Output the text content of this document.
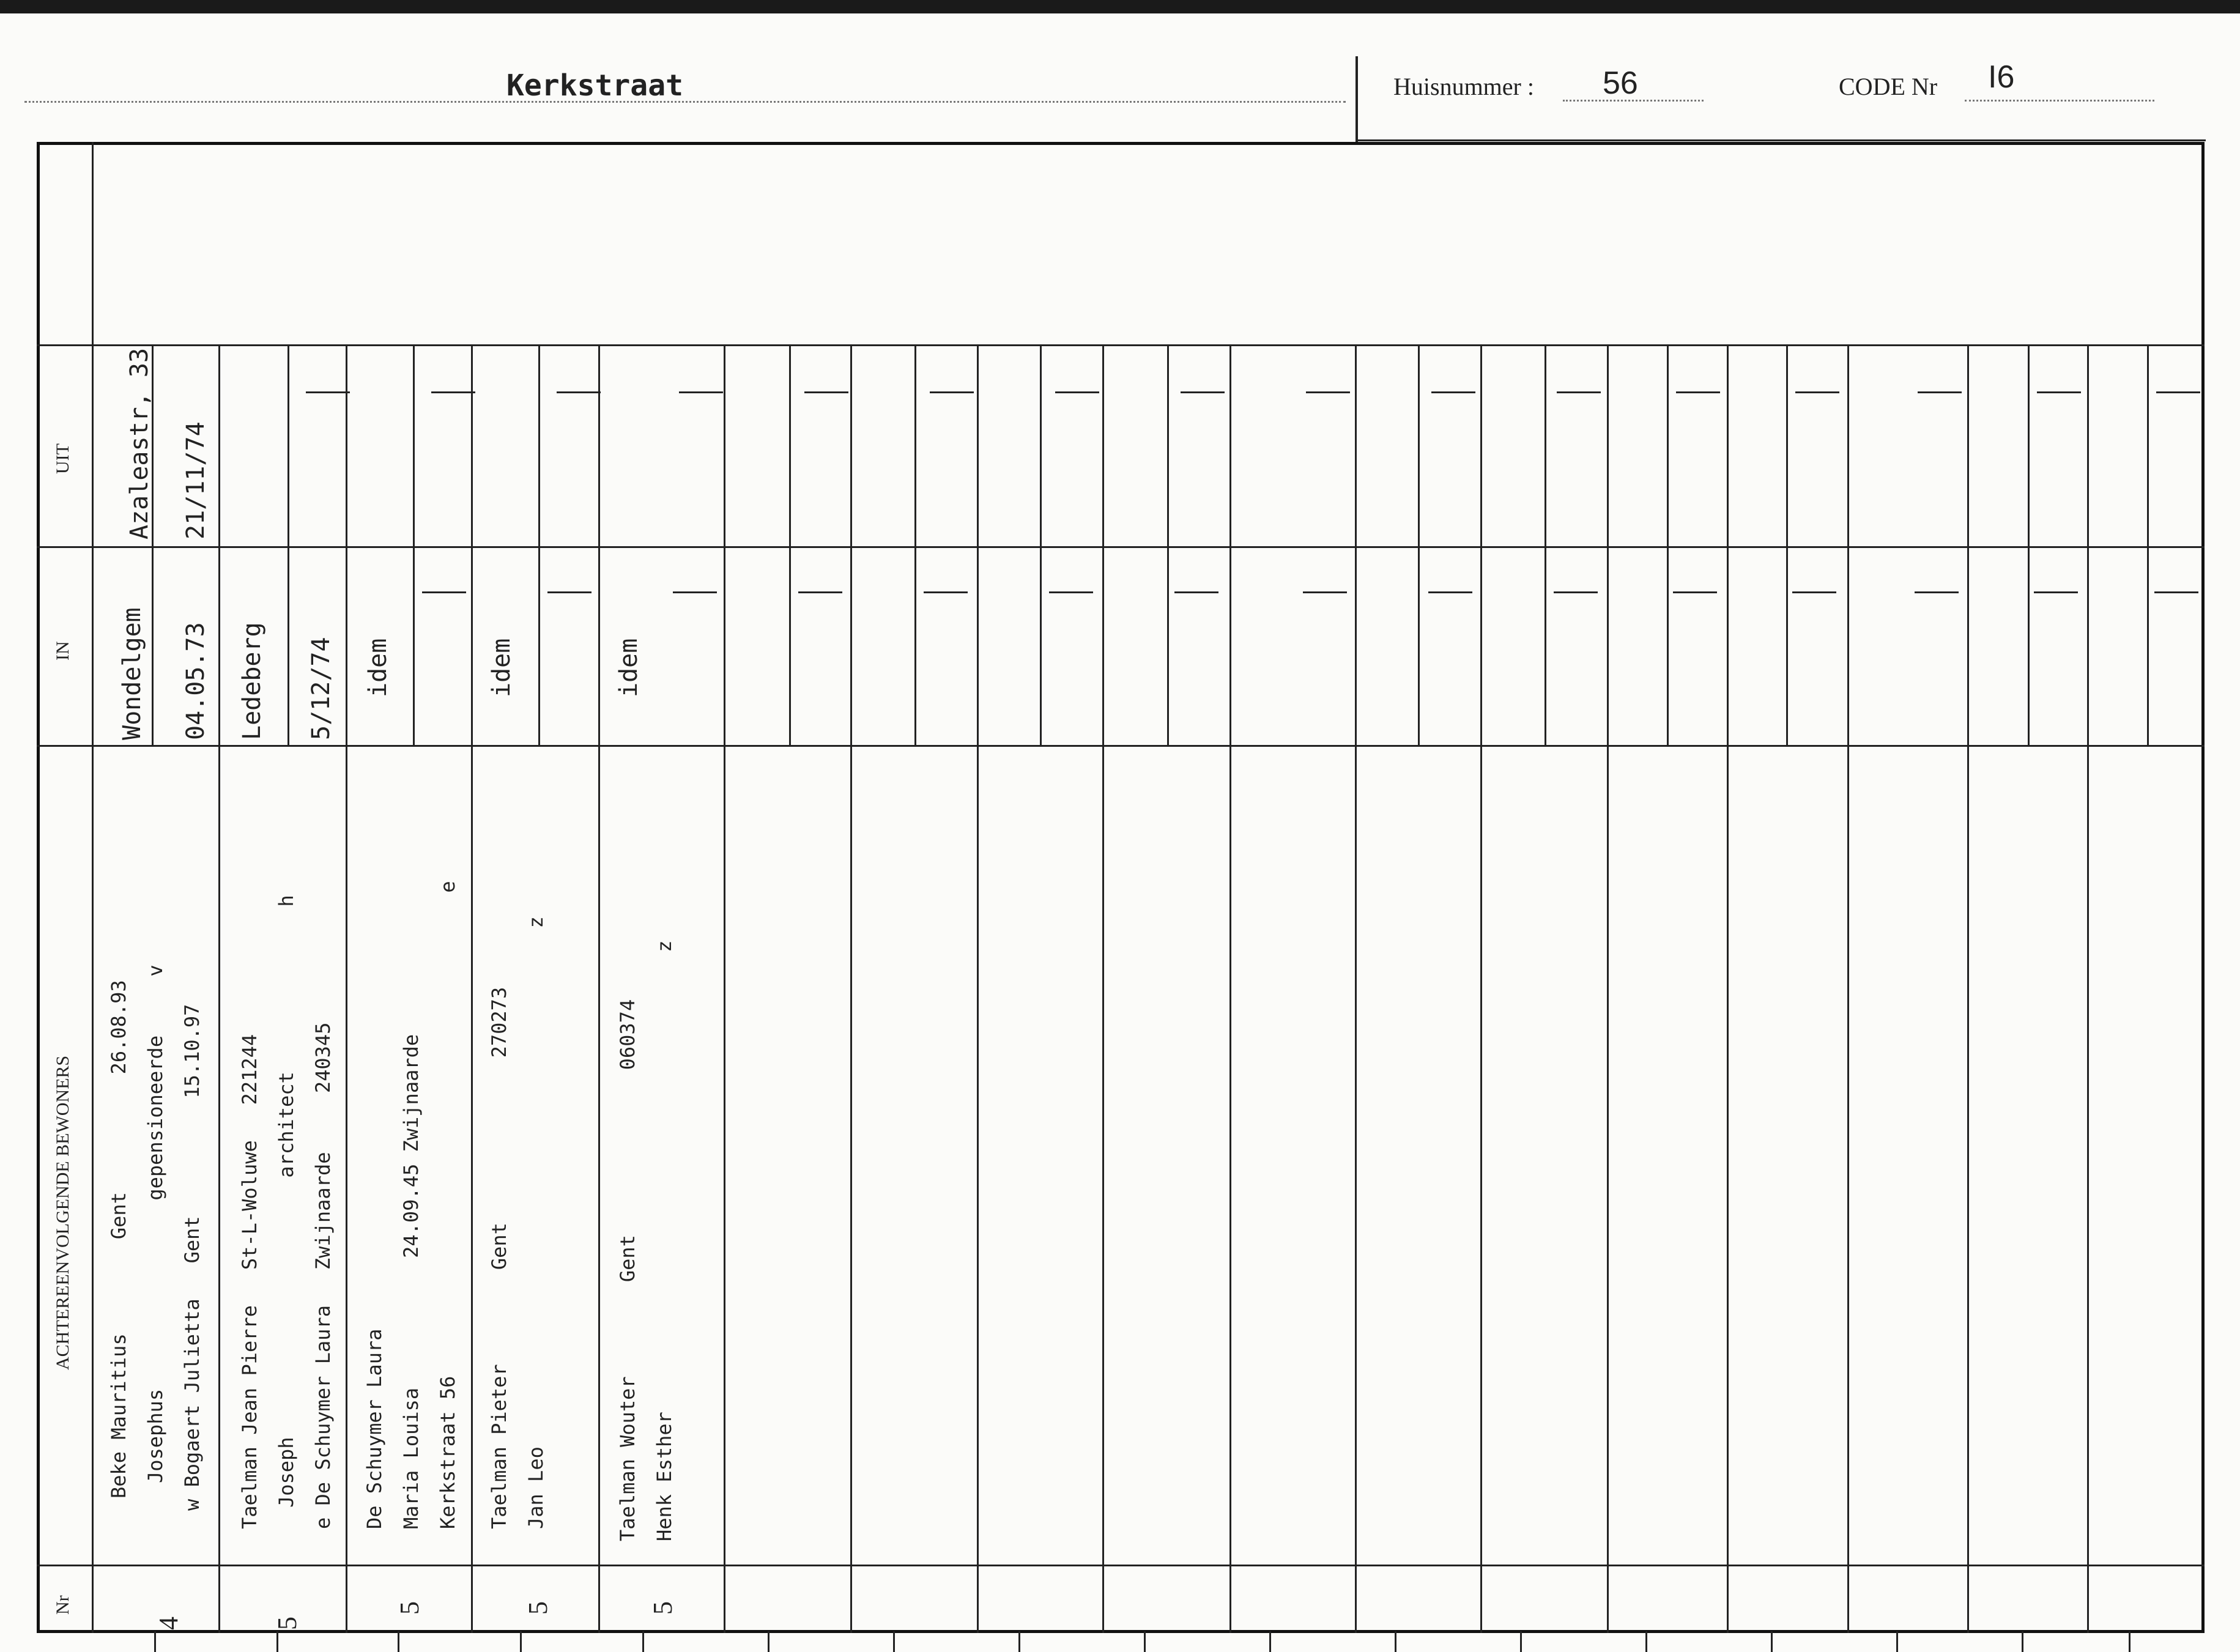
Kerkstraat	Huisnummer : 56	CODE Nr I6
UIT
IN
ACHTEREENVOLGENDE BEWONERS
Nr
Azaleastr, 33 21/11/74
Wondelgem 04.05.73
Beke Mauritius        Gent          26.08.93 Josephus                gepensioneerde     v w Bogaert Julietta   Gent          15.10.97
4
Ledeberg 5/12/74
Taelman Jean Pierre   St-L-Woluwe   221244 Joseph                      architect              h e De Schuymer Laura   Zwijnaarde     240345
5
idem
De Schuymer Laura Maria Louisa           24.09.45 Zwijnaarde Kerkstraat 56                                         e
5
idem
Taelman Pieter        Gent              270273 Jan Leo                                            z
5
idem
Taelman Wouter        Gent              060374 Henk Esther                                       z
5
